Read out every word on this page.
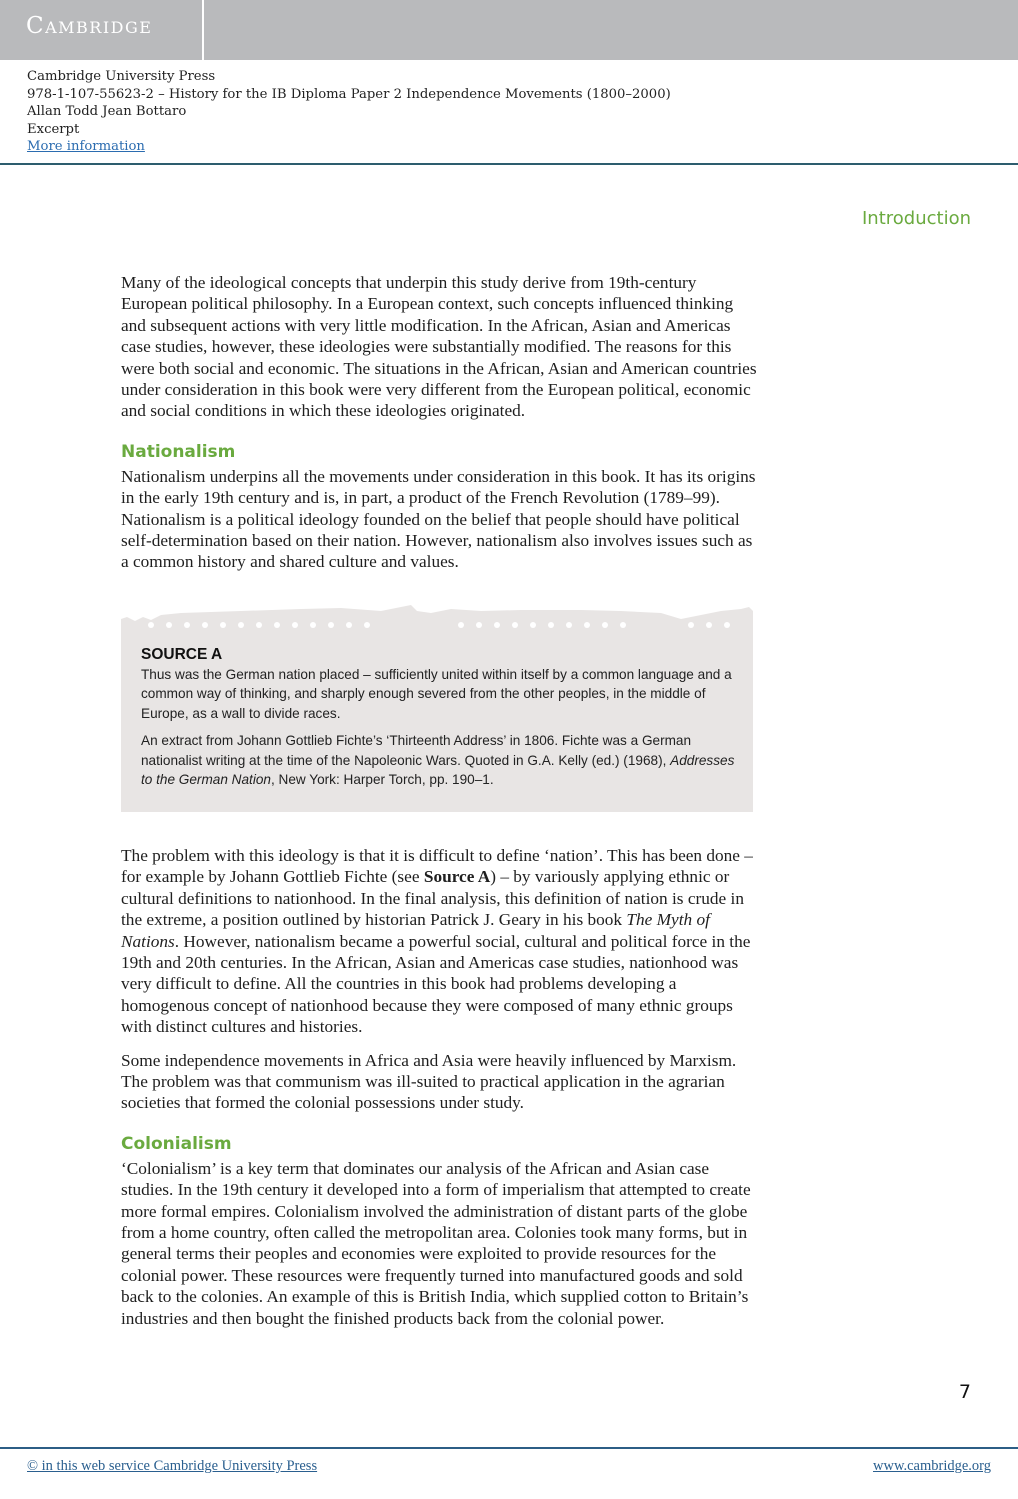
Cambridge
Cambridge University Press
978-1-107-55623-2 – History for the IB Diploma Paper 2 Independence Movements (1800–2000)
Allan Todd Jean Bottaro
Excerpt
More information
Introduction

Many of the ideological concepts that underpin this study derive from 19th-century European political philosophy. In a European context, such concepts influenced thinking and subsequent actions with very little modification. In the African, Asian and Americas case studies, however, these ideologies were substantially modified. The reasons for this were both social and economic. The situations in the African, Asian and American countries under consideration in this book were very different from the European political, economic and social conditions in which these ideologies originated.

Nationalism

Nationalism underpins all the movements under consideration in this book. It has its origins in the early 19th century and is, in part, a product of the French Revolution (1789–99). Nationalism is a political ideology founded on the belief that people should have political self-determination based on their nation. However, nationalism also involves issues such as a common history and shared culture and values.

The problem with this ideology is that it is difficult to define ‘nation’. This has been done – for example by Johann Gottlieb Fichte (see Source A) – by variously applying ethnic or cultural definitions to nationhood. In the final analysis, this definition of nation is crude in the extreme, a position outlined by historian Patrick J. Geary in his book The Myth of Nations. However, nationalism became a powerful social, cultural and political force in the 19th and 20th centuries. In the African, Asian and Americas case studies, nationhood was very difficult to define. All the countries in this book had problems developing a homogenous concept of nationhood because they were composed of many ethnic groups with distinct cultures and histories.

Some independence movements in Africa and Asia were heavily influenced by Marxism. The problem was that communism was ill-suited to practical application in the agrarian societies that formed the colonial possessions under study.

Colonialism

‘Colonialism’ is a key term that dominates our analysis of the African and Asian case studies. In the 19th century it developed into a form of imperialism that attempted to create more formal empires. Colonialism involved the administration of distant parts of the globe from a home country, often called the metropolitan area. Colonies took many forms, but in general terms their peoples and economies were exploited to provide resources for the colonial power. These resources were frequently turned into manufactured goods and sold back to the colonies. An example of this is British India, which supplied cotton to Britain’s industries and then bought the finished products back from the colonial power.

SOURCE A

Thus was the German nation placed – sufficiently united within itself by a common language and a common way of thinking, and sharply enough severed from the other peoples, in the middle of Europe, as a wall to divide races.

An extract from Johann Gottlieb Fichte’s ‘Thirteenth Address’ in 1806. Fichte was a German nationalist writing at the time of the Napoleonic Wars. Quoted in G.A. Kelly (ed.) (1968), Addresses to the German Nation, New York: Harper Torch, pp. 190–1.

7
© in this web service Cambridge University Press	www.cambridge.org
